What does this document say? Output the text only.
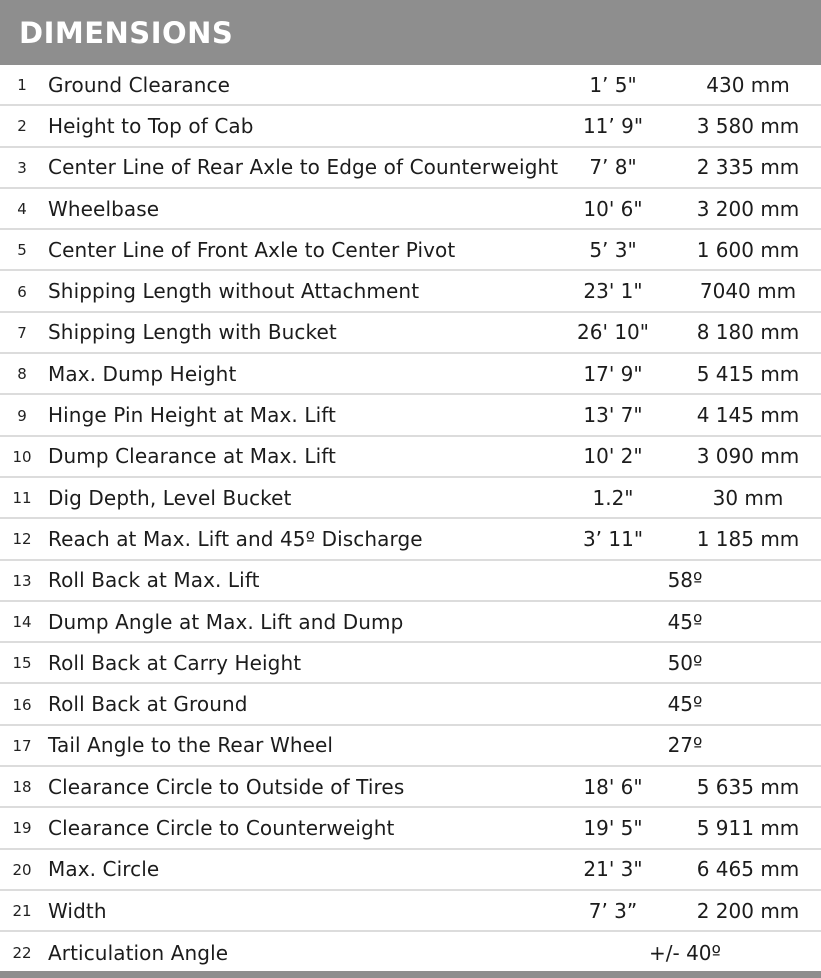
DIMENSIONS
1	Ground Clearance	1’ 5"	430 mm
2	Height to Top of Cab	11’ 9"	3 580 mm
3	Center Line of Rear Axle to Edge of Counterweight	7’ 8"	2 335 mm
4	Wheelbase	10' 6"	3 200 mm
5	Center Line of Front Axle to Center Pivot	5’ 3"	1 600 mm
6	Shipping Length without Attachment	23' 1"	7040 mm
7	Shipping Length with Bucket	26' 10"	8 180 mm
8	Max. Dump Height	17' 9"	5 415 mm
9	Hinge Pin Height at Max. Lift	13' 7"	4 145 mm
10 Dump Clearance at Max. Lift	10' 2"	3 090 mm
11 Dig Depth, Level Bucket	1.2"	30 mm
12 Reach at Max. Lift and 45º Discharge	3’ 11"	1 185 mm
13 Roll Back at Max. Lift	58º
14 Dump Angle at Max. Lift and Dump	45º
15 Roll Back at Carry Height	50º
16 Roll Back at Ground	45º
17 Tail Angle to the Rear Wheel	27º
18 Clearance Circle to Outside of Tires	18' 6"	5 635 mm
19 Clearance Circle to Counterweight	19' 5"	5 911 mm
20 Max. Circle	21' 3"	6 465 mm
21 Width	7’ 3”	2 200 mm
22 Articulation Angle	+/- 40º
